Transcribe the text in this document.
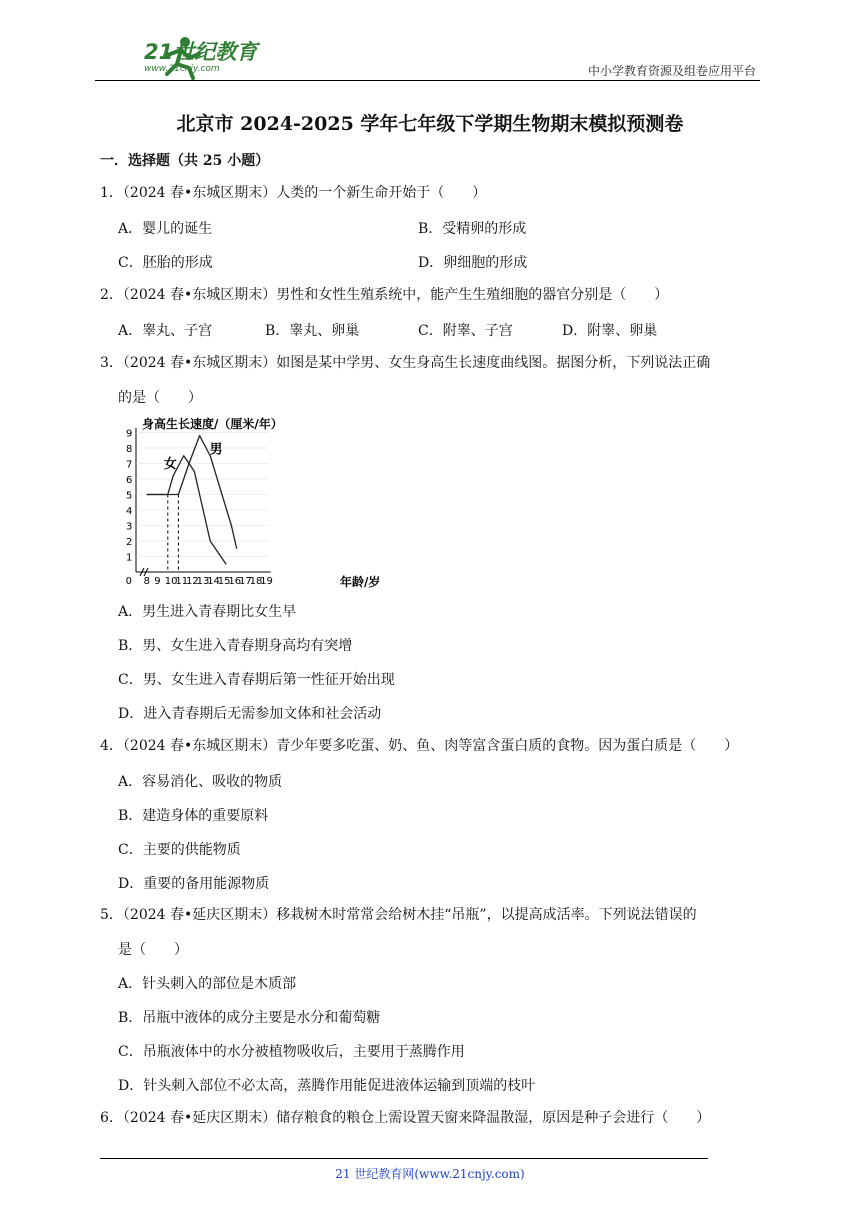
21世纪教育
www.21cnjy.com	中小学教育资源及组卷应用平台
北京市 2024-2025 学年七年级下学期生物期末模拟预测卷
一．选择题（共 25 小题）
1．（2024 春•东城区期末）人类的一个新生命开始于（　　）
A．婴儿的诞生	B．受精卵的形成
C．胚胎的形成	D．卵细胞的形成
2．（2024 春•东城区期末）男性和女性生殖系统中，能产生生殖细胞的器官分别是（　　）
A．睾丸、子宫	B．睾丸、卵巢	C．附睾、子宫	D．附睾、卵巢
3．（2024 春•东城区期末）如图是某中学男、女生身高生长速度曲线图。据图分析，下列说法正确
的是（　　）
身高生长速度/（厘米/年）
年龄/岁
1
2
3
4
5
6
7
8
9
0 8 9 10
11
12
13
14
15
16
17
18
19
女
男
A．男生进入青春期比女生早
B．男、女生进入青春期身高均有突增
C．男、女生进入青春期后第一性征开始出现
D．进入青春期后无需参加文体和社会活动
4．（2024 春•东城区期末）青少年要多吃蛋、奶、鱼、肉等富含蛋白质的食物。因为蛋白质是（　　）
A．容易消化、吸收的物质
B．建造身体的重要原料
C．主要的供能物质
D．重要的备用能源物质
5．（2024 春•延庆区期末）移栽树木时常常会给树木挂“吊瓶”，以提高成活率。下列说法错误的
是（　　）
A．针头刺入的部位是木质部
B．吊瓶中液体的成分主要是水分和葡萄糖
C．吊瓶液体中的水分被植物吸收后，主要用于蒸腾作用
D．针头刺入部位不必太高，蒸腾作用能促进液体运输到顶端的枝叶
6．（2024 春•延庆区期末）储存粮食的粮仓上需设置天窗来降温散湿，原因是种子会进行（　　）
21 世纪教育网(www.21cnjy.com)
